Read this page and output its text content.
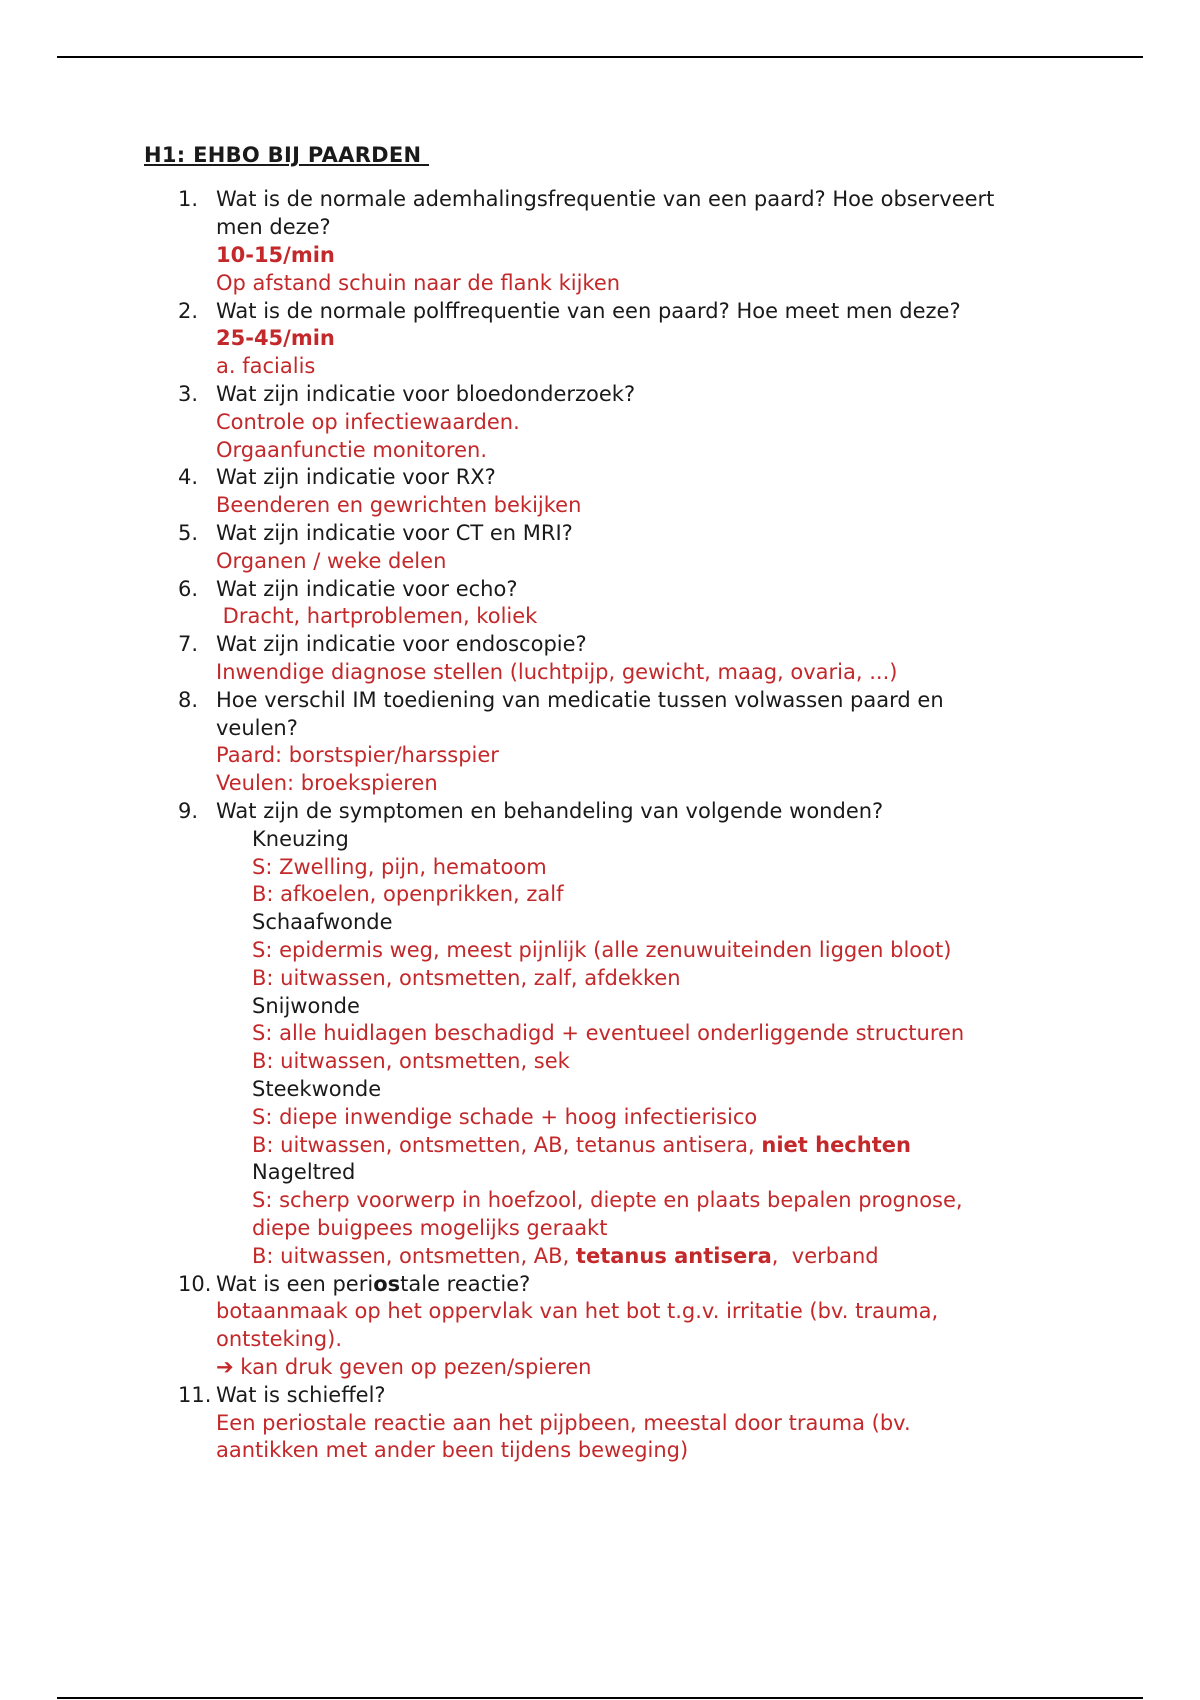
H1: EHBO BIJ PAARDEN
1. Wat is de normale ademhalingsfrequentie van een paard? Hoe observeert
men deze?
10-15/min
Op afstand schuin naar de flank kijken
2. Wat is de normale polffrequentie van een paard? Hoe meet men deze?
25-45/min
a. facialis
3. Wat zijn indicatie voor bloedonderzoek?
Controle op infectiewaarden.
Orgaanfunctie monitoren.
4. Wat zijn indicatie voor RX?
Beenderen en gewrichten bekijken
5. Wat zijn indicatie voor CT en MRI?
Organen / weke delen
6. Wat zijn indicatie voor echo?
Dracht, hartproblemen, koliek
7. Wat zijn indicatie voor endoscopie?
Inwendige diagnose stellen (luchtpijp, gewicht, maag, ovaria, ...)
8. Hoe verschil IM toediening van medicatie tussen volwassen paard en
veulen?
Paard: borstspier/harsspier
Veulen: broekspieren
9. Wat zijn de symptomen en behandeling van volgende wonden?
Kneuzing
S: Zwelling, pijn, hematoom
B: afkoelen, openprikken, zalf
Schaafwonde
S: epidermis weg, meest pijnlijk (alle zenuwuiteinden liggen bloot)
B: uitwassen, ontsmetten, zalf, afdekken
Snijwonde
S: alle huidlagen beschadigd + eventueel onderliggende structuren
B: uitwassen, ontsmetten, sek
Steekwonde
S: diepe inwendige schade + hoog infectierisico
B: uitwassen, ontsmetten, AB, tetanus antisera, niet hechten
Nageltred
S: scherp voorwerp in hoefzool, diepte en plaats bepalen prognose,
diepe buigpees mogelijks geraakt
B: uitwassen, ontsmetten, AB, tetanus antisera,  verband
10. Wat is een periostale reactie?
botaanmaak op het oppervlak van het bot t.g.v. irritatie (bv. trauma,
ontsteking).
➔ kan druk geven op pezen/spieren
11. Wat is schieffel?
Een periostale reactie aan het pijpbeen, meestal door trauma (bv.
aantikken met ander been tijdens beweging)
